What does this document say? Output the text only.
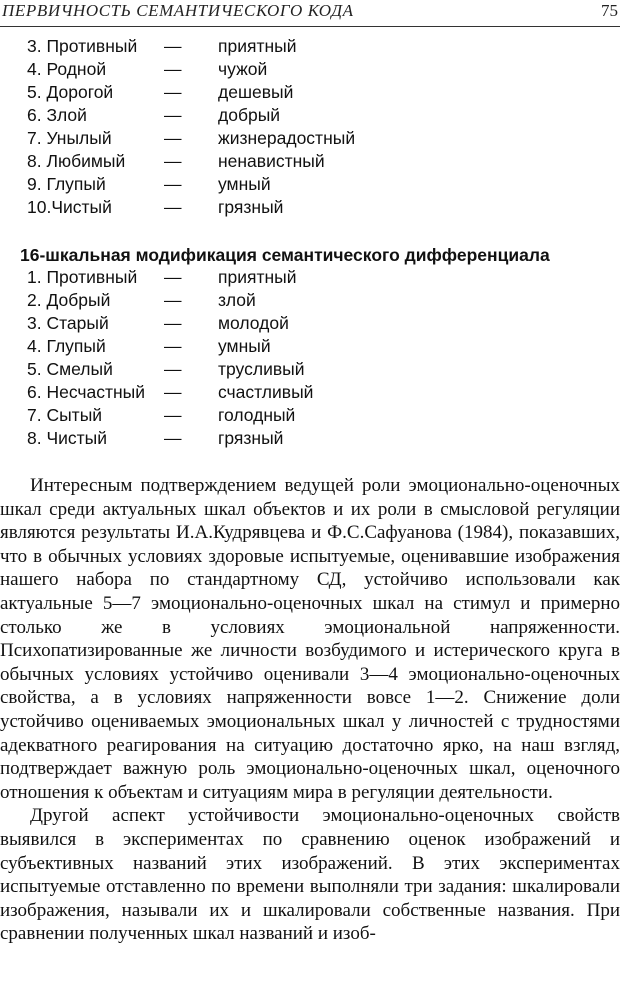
ПЕРВИЧНОСТЬ СЕМАНТИЧЕСКОГО КОДА	75
3. Противный — приятный
4. Родной	— чужой
5. Дорогой	— дешевый
6. Злой	— добрый
7. Унылый	— жизнерадостный
8. Любимый — ненавистный
9. Глупый	— умный
10.Чистый	— грязный
16-шкальная модификация семантического дифференциала
1. Противный — приятный
2. Добрый	— злой
3. Старый	— молодой
4. Глупый	— умный
5. Смелый	— трусливый
6. Несчастный — счастливый
7. Сытый	— голодный
8. Чистый	— грязный

Интересным подтверждением ведущей роли эмоционально-оценочных шкал среди актуальных шкал объектов и их роли в смысловой регуляции являются результаты И.А.Кудрявцева и Ф.С.Сафуанова (1984), показавших, что в обычных условиях здоровые испытуемые, оценивавшие изображения нашего набора по стандартному СД, устойчиво использовали как актуальные 5—7 эмоционально-оценочных шкал на стимул и примерно столько же в условиях эмоциональной напряженности. Психопатизированные же личности возбудимого и истерического круга в обычных условиях устойчиво оценивали 3—4 эмоционально-оценочных свойства, а в условиях напряженности вовсе 1—2. Снижение доли устойчиво оцениваемых эмоциональных шкал у личностей с трудностями адекватного реагирования на ситуацию достаточно ярко, на наш взгляд, подтверждает важную роль эмоционально-оценочных шкал, оценочного отношения к объектам и ситуациям мира в регуляции деятельности.

Другой аспект устойчивости эмоционально-оценочных свойств выявился в экспериментах по сравнению оценок изображений и субъективных названий этих изображений. В этих экспериментах испытуемые отставленно по времени выполняли три задания: шкалировали изображения, называли их и шкалировали собственные названия. При сравнении полученных шкал названий и изоб-
